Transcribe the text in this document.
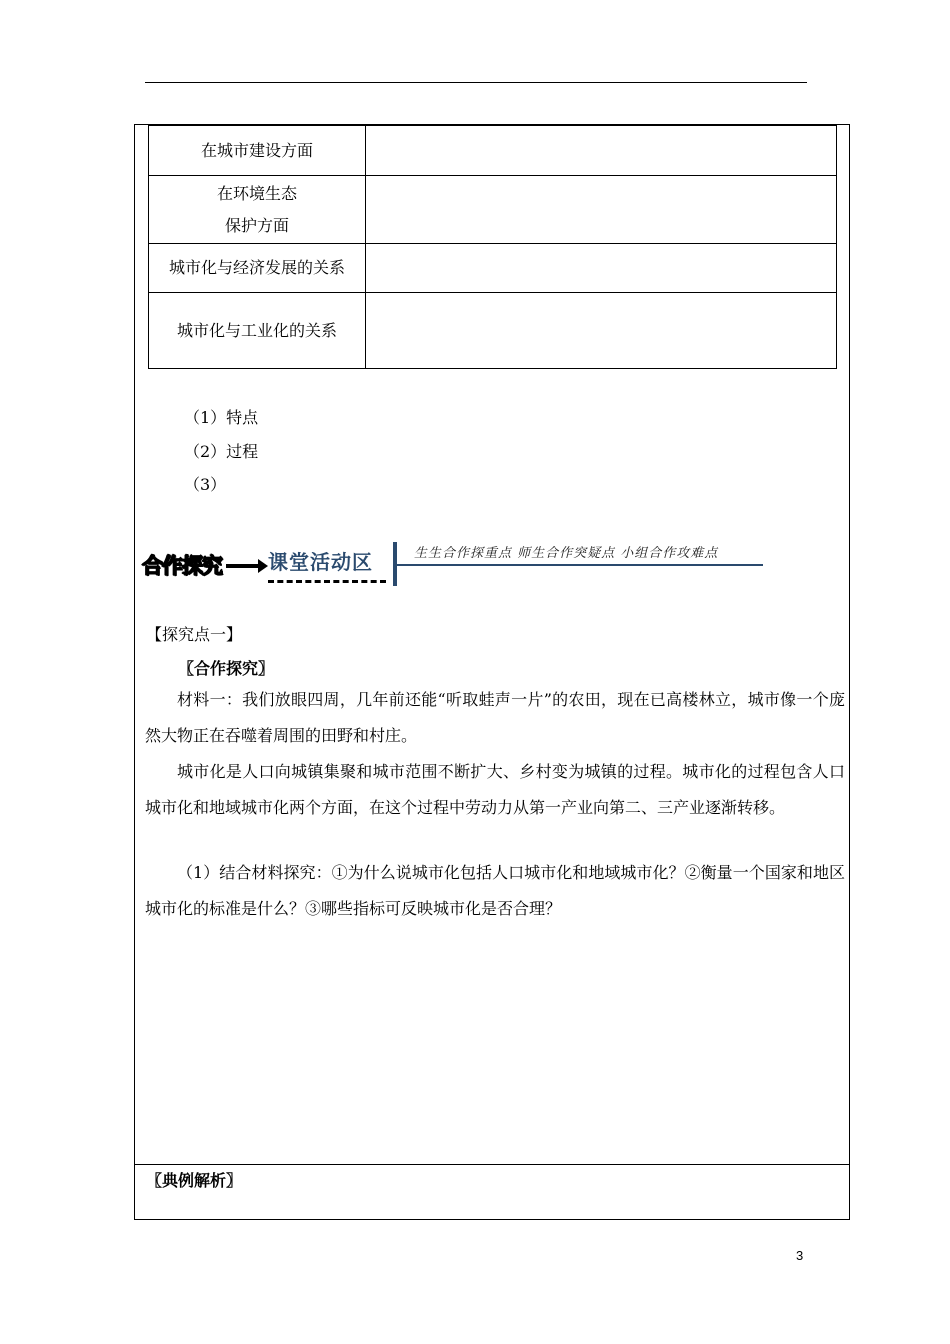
在城市建设方面	

在环境生态
保护方面	

城市化与经济发展的关系	
城市化与工业化的关系	
（1）特点
（2）过程
（3）
合作探究 课堂活动区	生生合作探重点 师生合作突疑点 小组合作攻难点
【探究点一】
〖合作探究〗
材料一：我们放眼四周，几年前还能“听取蛙声一片”的农田，现在已高楼林立，城市像一个庞然大物正在吞噬着周围的田野和村庄。
城市化是人口向城镇集聚和城市范围不断扩大、乡村变为城镇的过程。城市化的过程包含人口城市化和地域城市化两个方面，在这个过程中劳动力从第一产业向第二、三产业逐渐转移。
（1）结合材料探究：①为什么说城市化包括人口城市化和地域城市化？②衡量一个国家和地区城市化的标准是什么？③哪些指标可反映城市化是否合理？
〖典例解析〗
3
